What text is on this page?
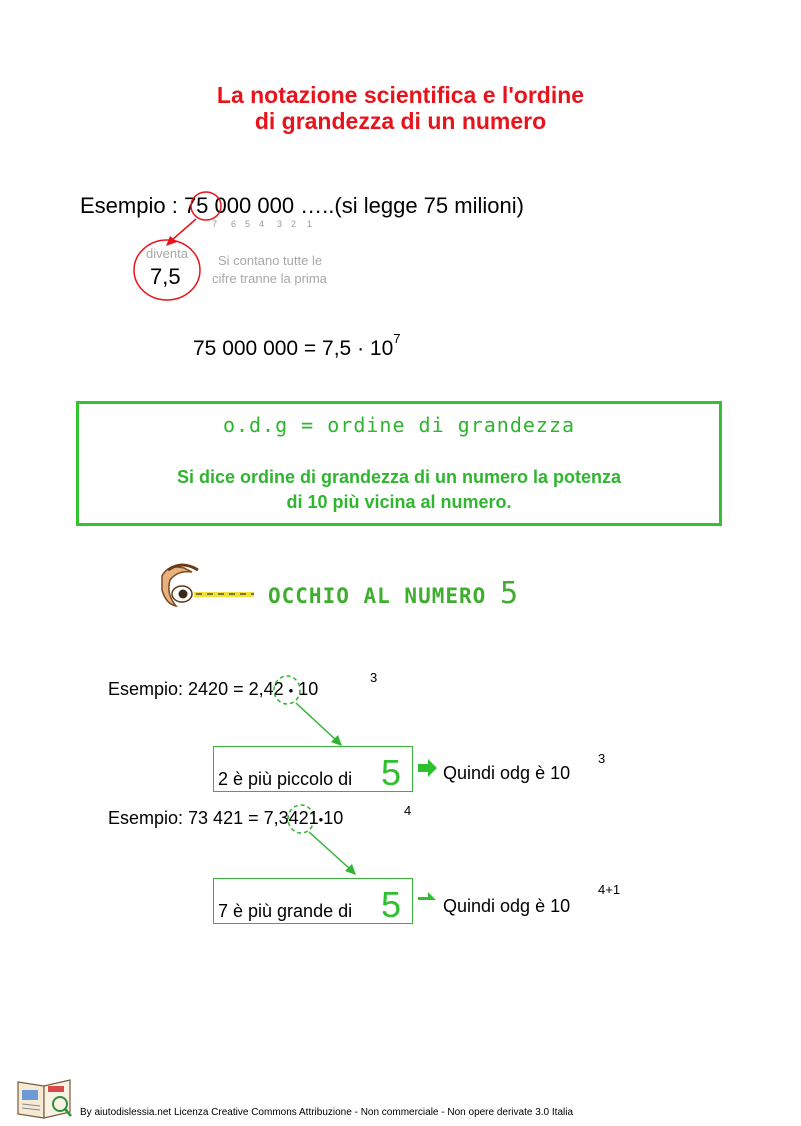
La notazione scientifica e l'ordine
di grandezza di un numero
Esempio : 75 000 000 …..(si legge 75 milioni)
7 6 5 4 3 2 1
diventa
7,5
Si contano tutte le
cifre tranne la prima
75 000 $000 = 7,5 \cdot 10^7$
o.d.g = ordine di grandezza
Si dice ordine di grandezza di un numero la potenza
di 10 più vicina al numero.
OCCHIO AL NUMERO 5
Esempio: 2420 = 2,42 • 10
3
2 è più piccolo di 5 Quindi odg è 10
3
Esempio: 73 421 = 7,3421•10	4
7 è più grande di 5 Quindi odg è 10
4+1
By aiutodislessia.net Licenza Creative Commons Attribuzione - Non commerciale - Non opere derivate 3.0 Italia
